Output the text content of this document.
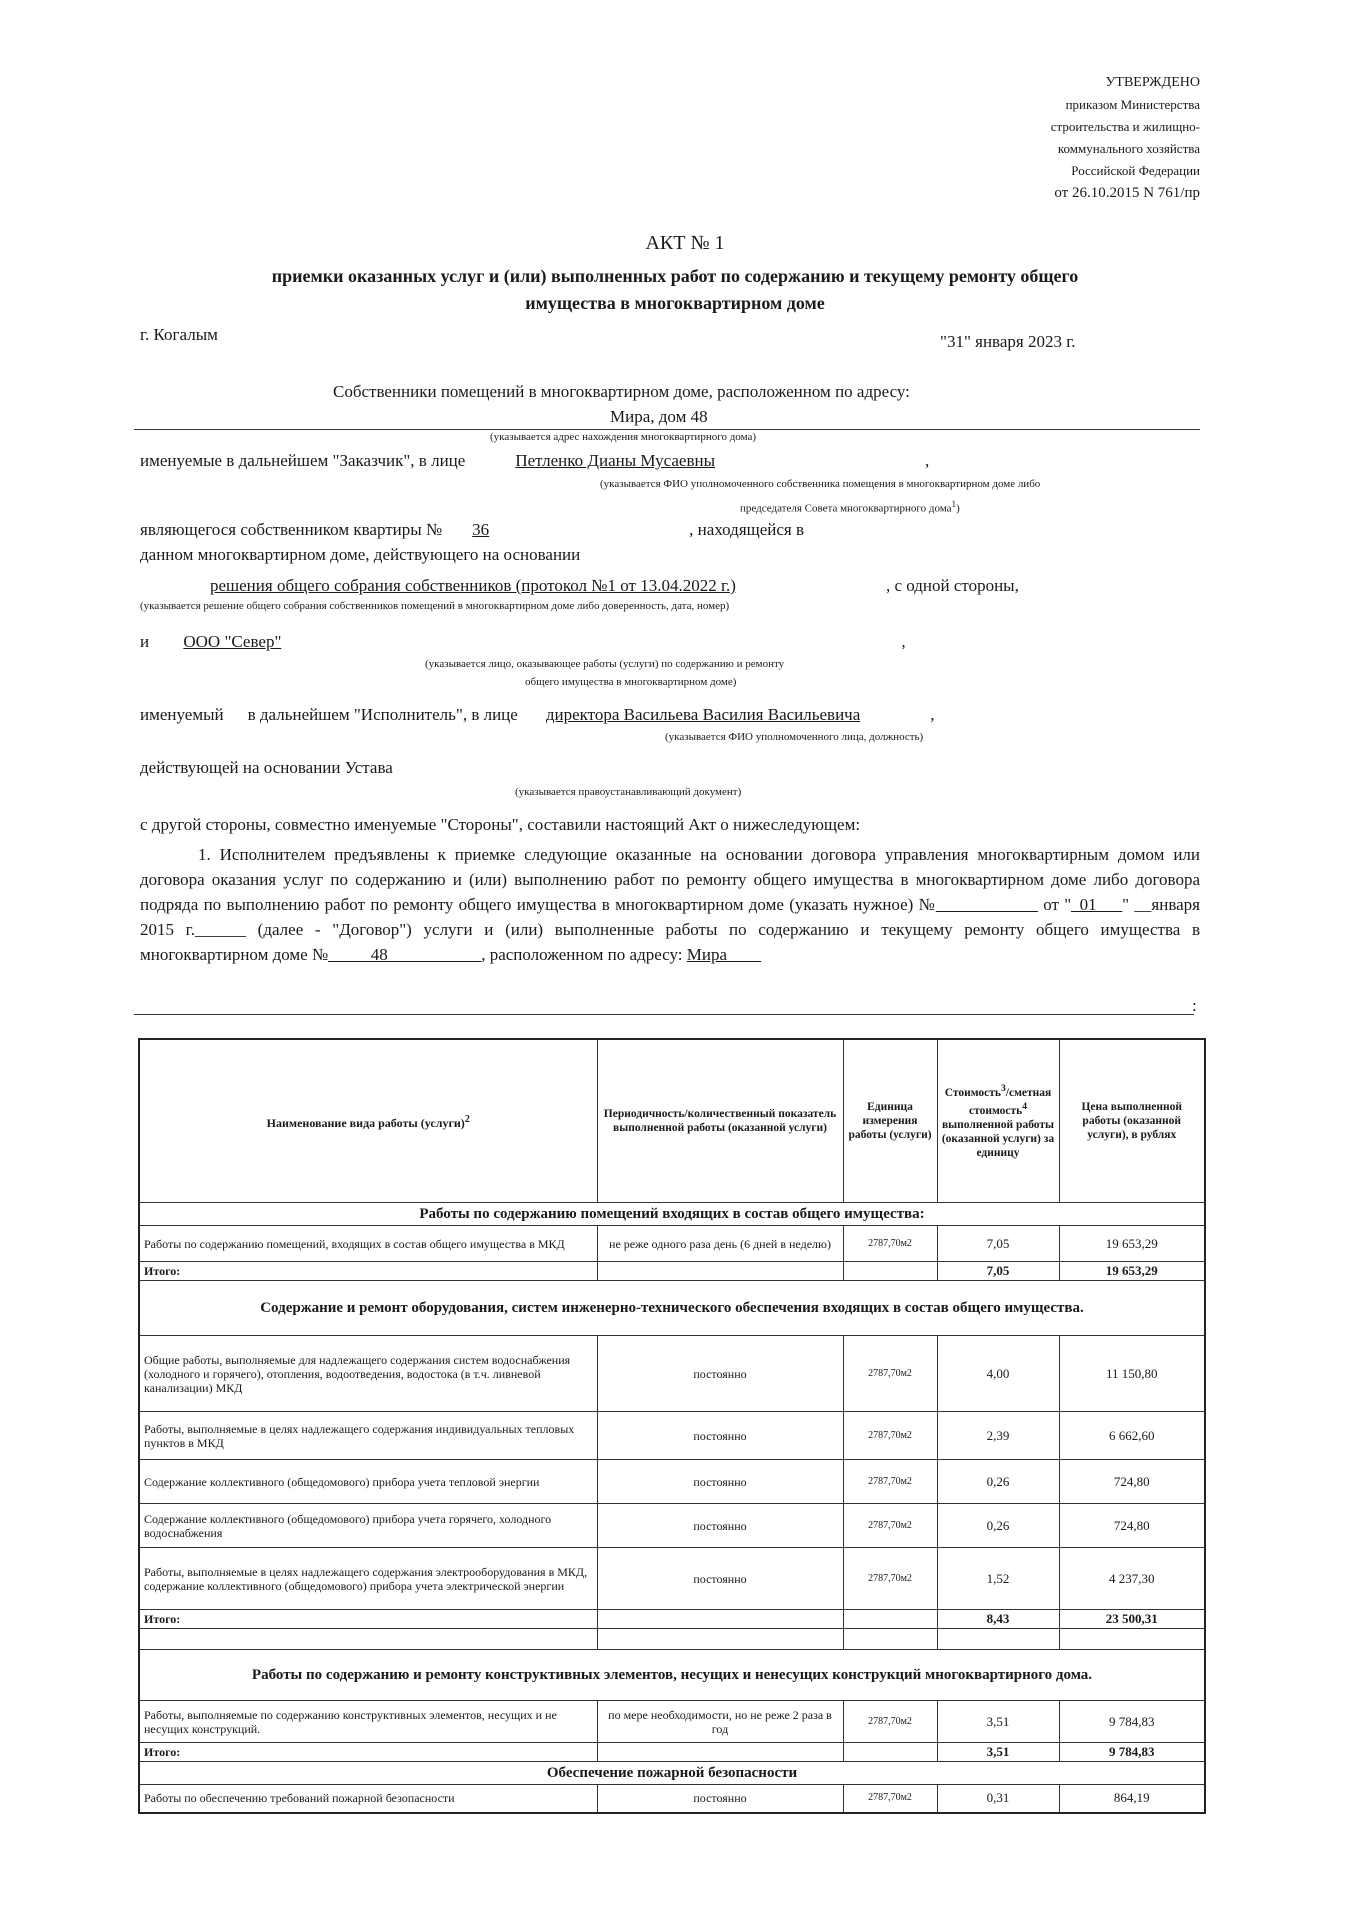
УТВЕРЖДЕНО
приказом Министерства
строительства и жилищно-
коммунального хозяйства
Российской Федерации
от 26.10.2015 N 761/пр
АКТ № 1
приемки оказанных услуг и (или) выполненных работ по содержанию и текущему ремонту общего
имущества в многоквартирном доме
г. Когалым	"31" января 2023 г.
Собственники помещений в многоквартирном доме, расположенном по адресу:
Мира, дом 48
(указывается адрес нахождения многоквартирного дома)
именуемые в дальнейшем "Заказчик", в лице	Петленко Дианы Мусаевны	,
(указывается ФИО уполномоченного собственника помещения в многоквартирном доме либо
председателя Совета многоквартирного дома$^1$)
являющегося собственником квартиры № 36	, находящейся в
данном многоквартирном доме, действующего на основании
решения общего собрания собственников (протокол №1 от 13.04.2022 г.)	, с одной стороны,
(указывается решение общего собрания собственников помещений в многоквартирном доме либо доверенность, дата, номер)
и ООО "Север"	,
(указывается лицо, оказывающее работы (услуги) по содержанию и ремонту
общего имущества в многоквартирном доме)
именуемый в дальнейшем "Исполнитель", в лице директора Васильева Василия Васильевича	,
(указывается ФИО уполномоченного лица, должность)
действующей на основании Устава
(указывается правоустанавливающий документ)
с другой стороны, совместно именуемые "Стороны", составили настоящий Акт о нижеследующем:
1. Исполнителем предъявлены к приемке следующие оказанные на основании договора управления многоквартирным домом или договора оказания услуг по содержанию и (или) выполнению работ по ремонту общего имущества в многоквартирном доме либо договора подряда по выполнению работ по ремонту общего имущества в многоквартирном доме (указать нужное) №____________ от "_01___" __января 2015 г.______ (далее - "Договор") услуги и (или) выполненные работы по содержанию и текущему ремонту общего имущества в многоквартирном доме №_____48___________, расположенном по адресу: Мира____
:
Наименование вида работы (услуги)$^2$	Периодичность/количественный показатель выполненной работы (оказанной услуги)	Единица измерения работы (услуги)	Стоимость$^3$/сметная стоимость$^4$ выполненной работы (оказанной услуги) за единицу	Цена выполненной работы (оказанной услуги), в рублях
Работы по содержанию помещений входящих в состав общего имущества:				
Работы по содержанию помещений, входящих в состав общего имущества в МКД	не реже одного раза день (6 дней в неделю)	2787,70м2	7,05	19 653,29
Итого:			7,05	19 653,29
Содержание и ремонт оборудования, систем инженерно-технического обеспечения входящих в состав общего имущества.				
Общие работы, выполняемые для надлежащего содержания систем водоснабжения (холодного и горячего), отопления, водоотведения, водостока (в т.ч. ливневой канализации) МКД	постоянно	2787,70м2	4,00	11 150,80
Работы, выполняемые в целях надлежащего содержания индивидуальных тепловых пунктов в МКД	постоянно	2787,70м2	2,39	6 662,60
Содержание коллективного (общедомового) прибора учета тепловой энергии	постоянно	2787,70м2	0,26	724,80
Содержание коллективного (общедомового) прибора учета горячего, холодного водоснабжения	постоянно	2787,70м2	0,26	724,80
Работы, выполняемые в целях надлежащего содержания электрооборудования в МКД, содержание коллективного (общедомового) прибора учета электрической энергии	постоянно	2787,70м2	1,52	4 237,30
Итого:			8,43	23 500,31

Работы по содержанию и ремонту конструктивных элементов, несущих и ненесущих конструкций многоквартирного дома.				
Работы, выполняемые по содержанию конструктивных элементов, несущих и не несущих конструкций.	по мере необходимости, но не реже 2 раза в год	2787,70м2	3,51	9 784,83
Итого:			3,51	9 784,83
Обеспечение пожарной безопасности				
Работы по обеспечению требований пожарной безопасности	постоянно	2787,70м2	0,31	864,19
